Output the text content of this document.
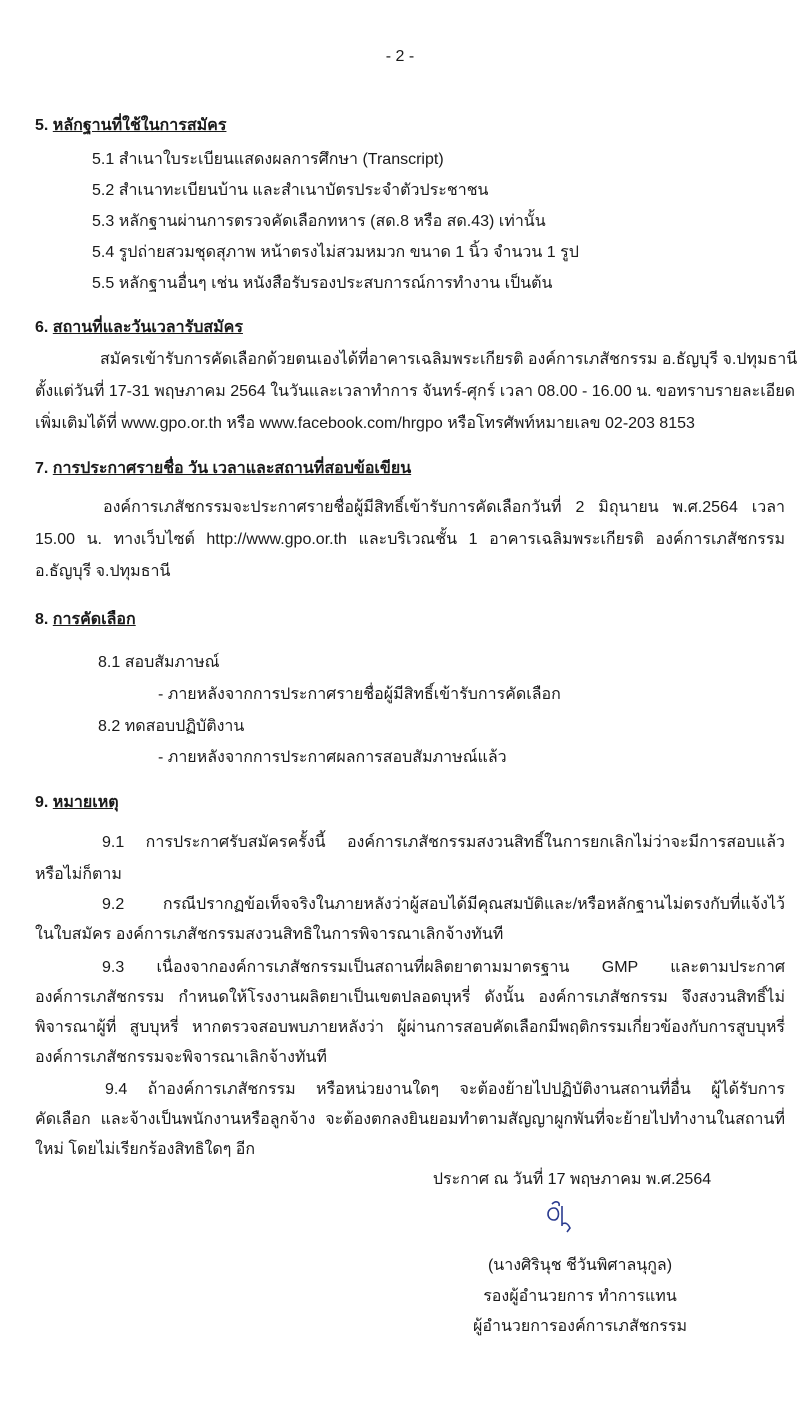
- 2 -
5. หลักฐานที่ใช้ในการสมัคร
5.1 สำเนาใบระเบียนแสดงผลการศึกษา (Transcript)
5.2 สำเนาทะเบียนบ้าน และสำเนาบัตรประจำตัวประชาชน
5.3 หลักฐานผ่านการตรวจคัดเลือกทหาร (สด.8 หรือ สด.43) เท่านั้น
5.4 รูปถ่ายสวมชุดสุภาพ หน้าตรงไม่สวมหมวก ขนาด 1 นิ้ว จำนวน 1 รูป
5.5 หลักฐานอื่นๆ เช่น หนังสือรับรองประสบการณ์การทำงาน เป็นต้น
6. สถานที่และวันเวลารับสมัคร
สมัครเข้ารับการคัดเลือกด้วยตนเองได้ที่อาคารเฉลิมพระเกียรติ องค์การเภสัชกรรม อ.ธัญบุรี จ.ปทุมธานี
ตั้งแต่วันที่ 17-31 พฤษภาคม 2564 ในวันและเวลาทำการ จันทร์-ศุกร์ เวลา 08.00 - 16.00 น. ขอทราบรายละเอียด
เพิ่มเติมได้ที่ www.gpo.or.th หรือ www.facebook.com/hrgpo หรือโทรศัพท์หมายเลข 02-203 8153
7. การประกาศรายชื่อ วัน เวลาและสถานที่สอบข้อเขียน
องค์การเภสัชกรรมจะประกาศรายชื่อผู้มีสิทธิ์เข้ารับการคัดเลือกวันที่ 2 มิถุนายน พ.ศ.2564 เวลา
15.00 น. ทางเว็บไซต์ http://www.gpo.or.th และบริเวณชั้น 1 อาคารเฉลิมพระเกียรติ องค์การเภสัชกรรม
อ.ธัญบุรี จ.ปทุมธานี
8. การคัดเลือก
8.1 สอบสัมภาษณ์
- ภายหลังจากการประกาศรายชื่อผู้มีสิทธิ์เข้ารับการคัดเลือก
8.2 ทดสอบปฏิบัติงาน
- ภายหลังจากการประกาศผลการสอบสัมภาษณ์แล้ว
9. หมายเหตุ
9.1 การประกาศรับสมัครครั้งนี้ องค์การเภสัชกรรมสงวนสิทธิ์ในการยกเลิกไม่ว่าจะมีการสอบแล้ว
หรือไม่ก็ตาม
9.2 กรณีปรากฏข้อเท็จจริงในภายหลังว่าผู้สอบได้มีคุณสมบัติและ/หรือหลักฐานไม่ตรงกับที่แจ้งไว้
ในใบสมัคร องค์การเภสัชกรรมสงวนสิทธิในการพิจารณาเลิกจ้างทันที
9.3 เนื่องจากองค์การเภสัชกรรมเป็นสถานที่ผลิตยาตามมาตรฐาน GMP และตามประกาศ
องค์การเภสัชกรรม กำหนดให้โรงงานผลิตยาเป็นเขตปลอดบุหรี่ ดังนั้น องค์การเภสัชกรรม จึงสงวนสิทธิ์ไม่
พิจารณาผู้ที่ สูบบุหรี่ หากตรวจสอบพบภายหลังว่า ผู้ผ่านการสอบคัดเลือกมีพฤติกรรมเกี่ยวข้องกับการสูบบุหรี่
องค์การเภสัชกรรมจะพิจารณาเลิกจ้างทันที
9.4 ถ้าองค์การเภสัชกรรม หรือหน่วยงานใดๆ จะต้องย้ายไปปฏิบัติงานสถานที่อื่น ผู้ได้รับการ
คัดเลือก และจ้างเป็นพนักงานหรือลูกจ้าง จะต้องตกลงยินยอมทำตามสัญญาผูกพันที่จะย้ายไปทำงานในสถานที่
ใหม่ โดยไม่เรียกร้องสิทธิใดๆ อีก
ประกาศ ณ วันที่ 17 พฤษภาคม พ.ศ.2564
(นางศิรินุช ชีวันพิศาลนุกูล)
รองผู้อำนวยการ ทำการแทน
ผู้อำนวยการองค์การเภสัชกรรม
